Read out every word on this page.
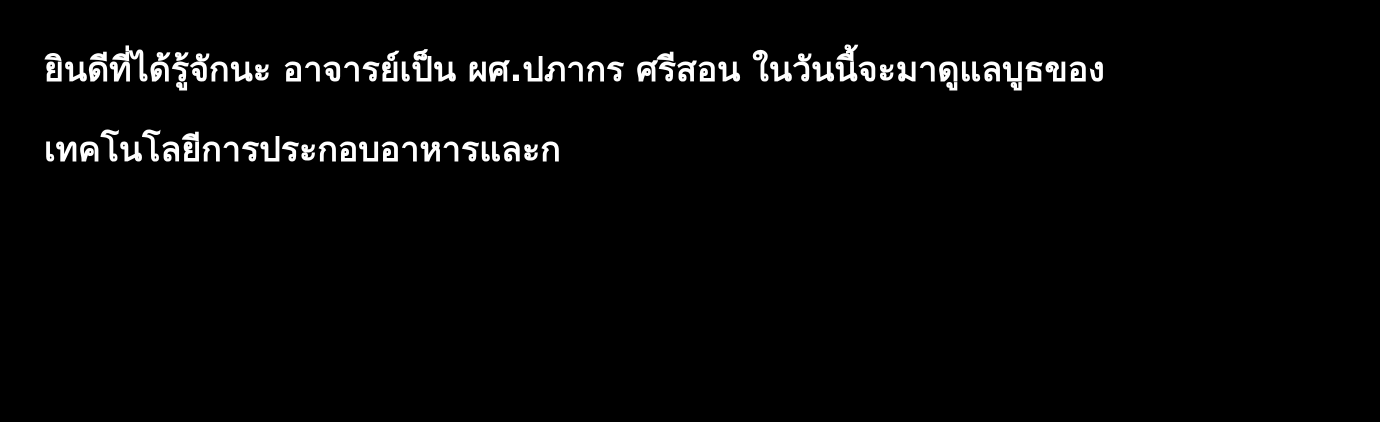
ยินดีที่ได้รู้จักนะ อาจารย์เป็น ผศ.ปภากร ศรีสอน ในวันนี้จะมาดูแลบูธของ
เทคโนโลยีการประกอบอาหารและก
